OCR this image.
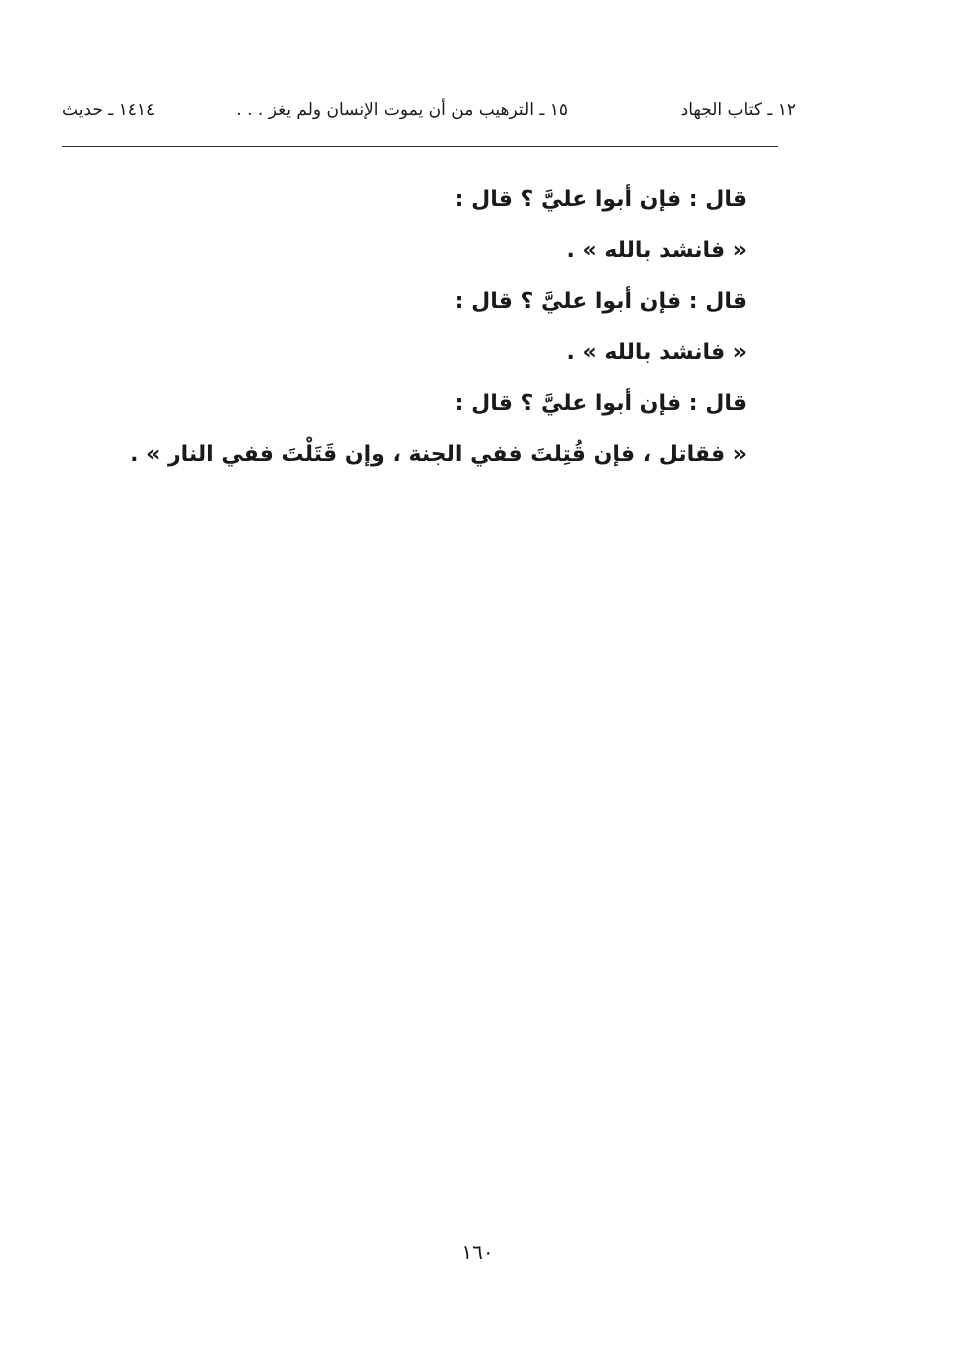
١٢ ـ كتاب الجهاد
١٥ ـ الترهيب من أن يموت الإنسان ولم يغز . . .
١٤١٤ ـ حديث
قال : فإن أبوا عليَّ ؟ قال :
« فانشد بالله » .
قال : فإن أبوا عليَّ ؟ قال :
« فانشد بالله » .
قال : فإن أبوا عليَّ ؟ قال :
« فقاتل ، فإن قُتِلتَ ففي الجنة ، وإن قَتَلْتَ ففي النار » .
١٦٠
